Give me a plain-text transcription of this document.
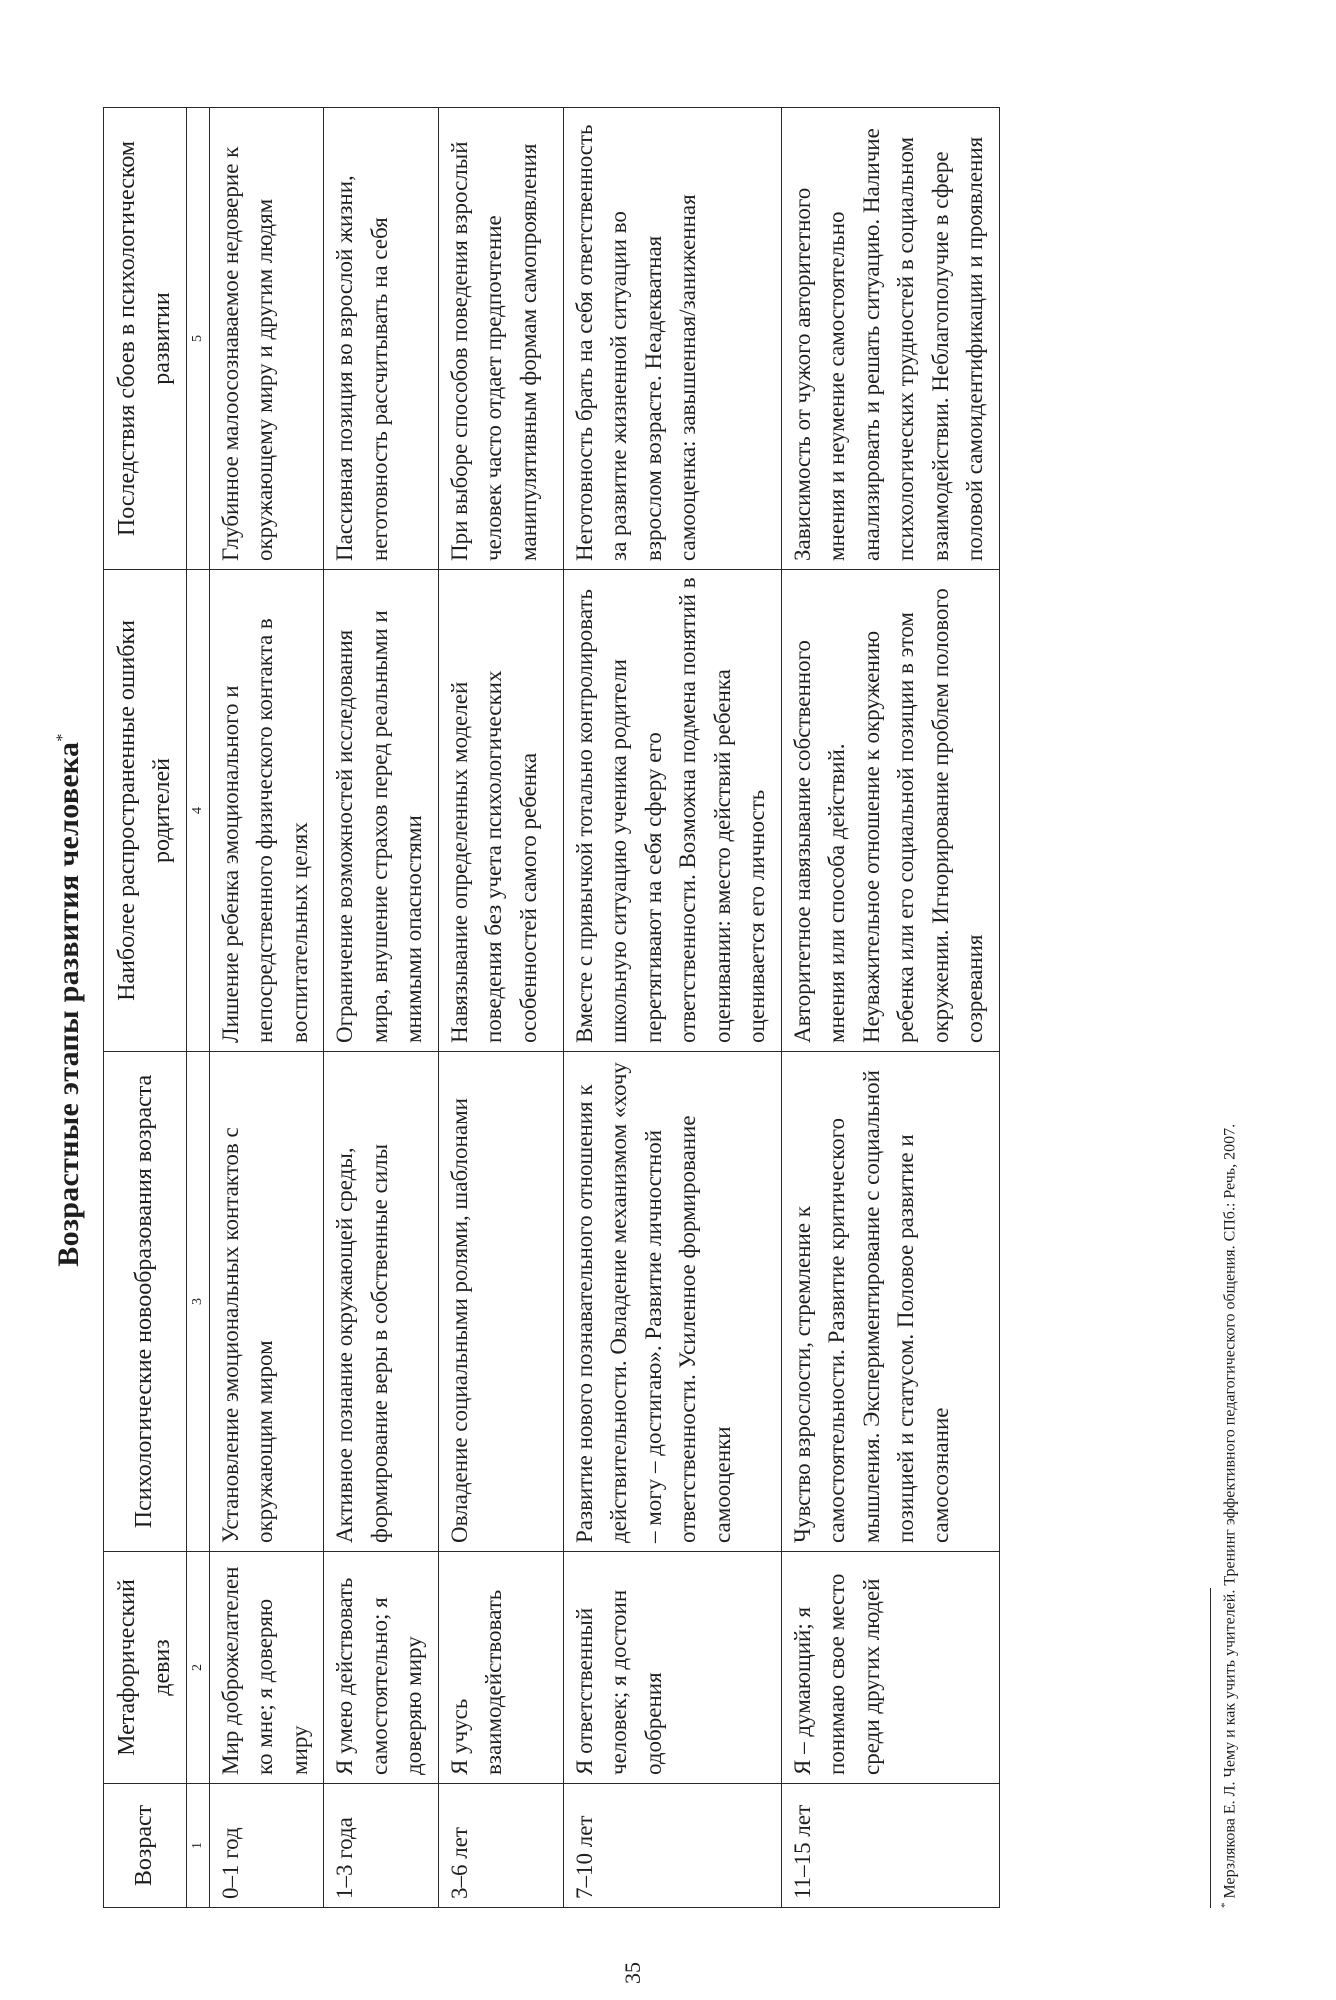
Возрастные этапы развития человека*
Возраст	Метафорический девиз	Психологические новообразования возраста	Наиболее распространенные ошибки родителей	Последствия сбоев в психологическом развитии
1	2	3	4	5
0–1 год	Мир доброжелателен ко мне; я доверяю миру	Установление эмоциональных контактов с окружающим миром	Лишение ребенка эмоционального и непосредственного физического контакта в воспитательных целях	Глубинное малоосознаваемое недоверие к окружающему миру и другим людям
1–3 года	Я умею действовать самостоятельно; я доверяю миру	Активное познание окружающей среды, формирование веры в собственные силы	Ограничение возможностей исследования мира, внушение страхов перед реальными и мнимыми опасностями	Пассивная позиция во взрослой жизни, неготовность рассчитывать на себя
3–6 лет	Я учусь взаимодействовать	Овладение социальными ролями, шаблонами	Навязывание определенных моделей поведения без учета психологических особенностей самого ребенка	При выборе способов поведения взрослый человек часто отдает предпочтение манипулятивным формам самопроявления
7–10 лет	Я ответственный человек; я достоин одобрения	Развитие нового познавательного отношения к действительности. Овладение механизмом «хочу – могу – достигаю». Развитие личностной ответственности. Усиленное формирование самооценки	Вместе с привычкой тотально контролировать школьную ситуацию ученика родители перетягивают на себя сферу его ответственности. Возможна подмена понятий в оценивании: вместо действий ребенка оценивается его личность	Неготовность брать на себя ответственность за развитие жизненной ситуации во взрослом возрасте. Неадекватная самооценка: завышенная/заниженная
11–15 лет	Я – думающий; я понимаю свое место среди других людей	Чувство взрослости, стремление к самостоятельности. Развитие критического мышления. Экспериментирование с социальной позицией и статусом. Половое развитие и самосознание	Авторитетное навязывание собственного мнения или способа действий. Неуважительное отношение к окружению ребенка или его социальной позиции в этом окружении. Игнорирование проблем полового созревания	Зависимость от чужого авторитетного мнения и неумение самостоятельно анализировать и решать ситуацию. Наличие психологических трудностей в социальном взаимодействии. Неблагополучие в сфере половой самоидентификации и проявления
* Мерзлякова Е. Л. Чему и как учить учителей. Тренинг эффективного педагогического общения. СПб.: Речь, 2007.
35
